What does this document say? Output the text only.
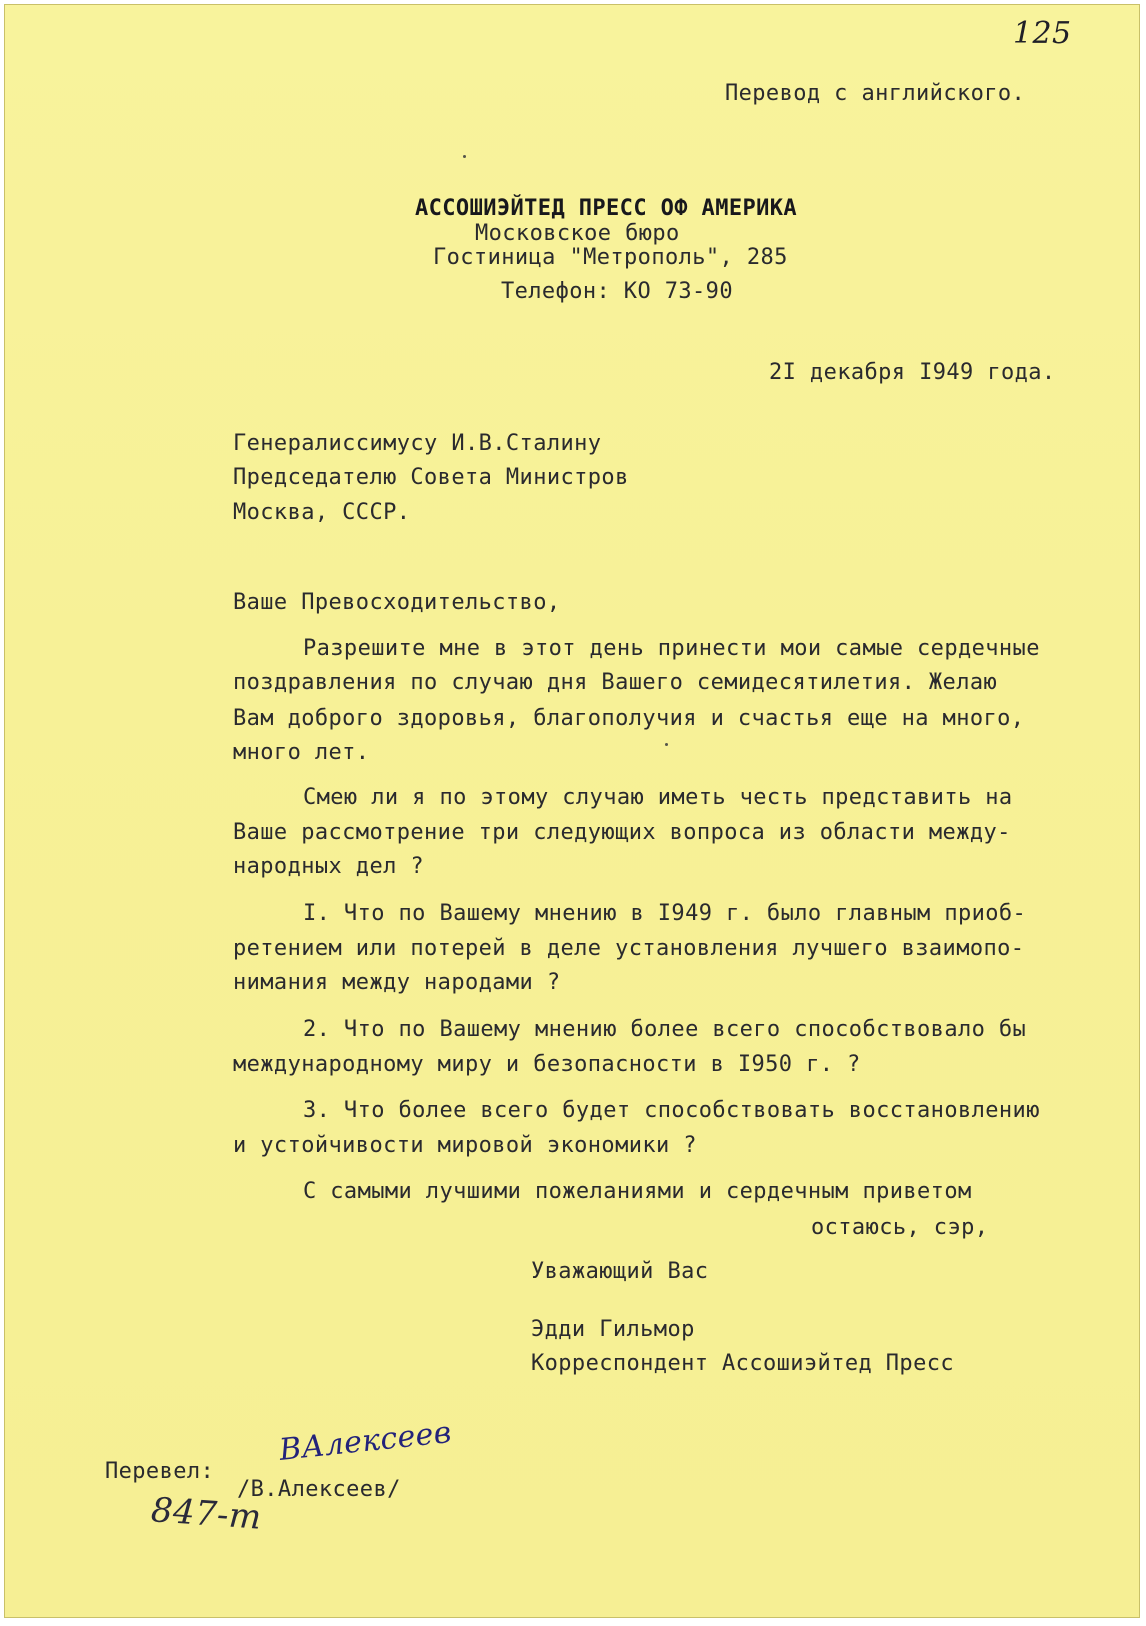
125
Перевод с английского.
АССОШИЭЙТЕД ПРЕСС ОФ АМЕРИКА
Московское бюро
Гостиница "Метрополь", 285
Телефон: КО 73-90
2I декабря I949 года.
Генералиссимусу И.В.Сталину
Председателю Совета Министров
Москва, СССР.
Ваше Превосходительство,
Разрешите мне в этот день принести мои самые сердечные
поздравления по случаю дня Вашего семидесятилетия. Желаю
Вам доброго здоровья, благополучия и счастья еще на много,
много лет.
Смею ли я по этому случаю иметь честь представить на
Ваше рассмотрение три следующих вопроса из области между-
народных дел ?
I. Что по Вашему мнению в I949 г. было главным приоб-
ретением или потерей в деле установления лучшего взаимопо-
нимания между народами ?
2. Что по Вашему мнению более всего способствовало бы
международному миру и безопасности в I950 г. ?
3. Что более всего будет способствовать восстановлению
и устойчивости мировой экономики ?
С самыми лучшими пожеланиями и сердечным приветом
остаюсь, сэр,
Уважающий Вас
Эдди Гильмор
Корреспондент Ассошиэйтед Пресс
ВАлексеев
Перевел:
/В.Алексеев/
847-m
